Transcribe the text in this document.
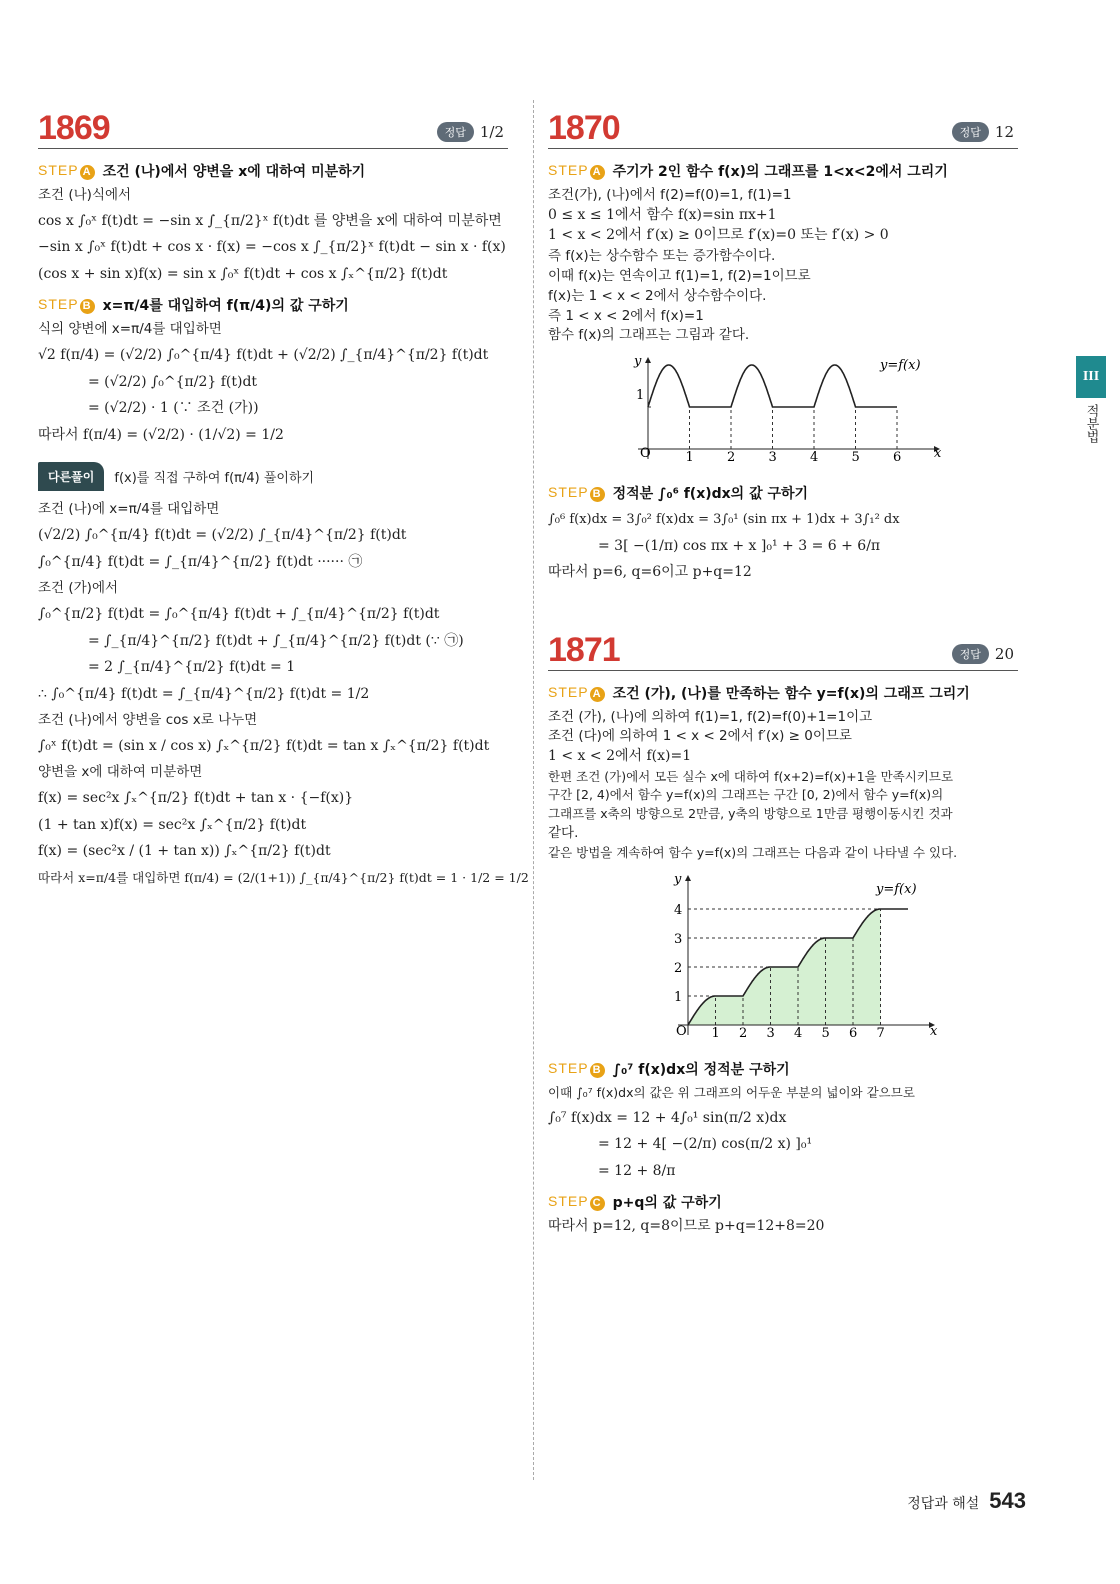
III
적분법
1869	정답 1/2
STEP A 조건 (나)에서 양변을 x에 대하여 미분하기
조건 (나)식에서
cos x ∫₀ˣ f(t)dt = −sin x ∫_{π/2}ˣ f(t)dt 를 양변을 x에 대하여 미분하면
−sin x ∫₀ˣ f(t)dt + cos x · f(x) = −cos x ∫_{π/2}ˣ f(t)dt − sin x · f(x)
(cos x + sin x)f(x) = sin x ∫₀ˣ f(t)dt + cos x ∫ₓ^{π/2} f(t)dt
STEP B x=π/4를 대입하여 f(π/4)의 값 구하기
식의 양변에 x=π/4를 대입하면
√2 f(π/4) = (√2/2) ∫₀^{π/4} f(t)dt + (√2/2) ∫_{π/4}^{π/2} f(t)dt
= (√2/2) ∫₀^{π/2} f(t)dt
= (√2/2) · 1 (∵ 조건 (가))
따라서 f(π/4) = (√2/2) · (1/√2) = 1/2
다른풀이	f(x)를 직접 구하여 f(π/4) 풀이하기
조건 (나)에 x=π/4를 대입하면
(√2/2) ∫₀^{π/4} f(t)dt = (√2/2) ∫_{π/4}^{π/2} f(t)dt
∫₀^{π/4} f(t)dt = ∫_{π/4}^{π/2} f(t)dt ······ ㉠
조건 (가)에서
∫₀^{π/2} f(t)dt = ∫₀^{π/4} f(t)dt + ∫_{π/4}^{π/2} f(t)dt
= ∫_{π/4}^{π/2} f(t)dt + ∫_{π/4}^{π/2} f(t)dt (∵ ㉠)
= 2 ∫_{π/4}^{π/2} f(t)dt = 1
∴ ∫₀^{π/4} f(t)dt = ∫_{π/4}^{π/2} f(t)dt = 1/2
조건 (나)에서 양변을 cos x로 나누면
∫₀ˣ f(t)dt = (sin x / cos x) ∫ₓ^{π/2} f(t)dt = tan x ∫ₓ^{π/2} f(t)dt
양변을 x에 대하여 미분하면
f(x) = sec²x ∫ₓ^{π/2} f(t)dt + tan x · {−f(x)}
(1 + tan x)f(x) = sec²x ∫ₓ^{π/2} f(t)dt
f(x) = (sec²x / (1 + tan x)) ∫ₓ^{π/2} f(t)dt
따라서 x=π/4를 대입하면 f(π/4) = (2/(1+1)) ∫_{π/4}^{π/2} f(t)dt = 1 · 1/2 = 1/2
1870	정답 12
STEP A 주기가 2인 함수 f(x)의 그래프를 1<x<2에서 그리기
조건(가), (나)에서 f(2)=f(0)=1, f(1)=1
0 ≤ x ≤ 1에서 함수 f(x)=sin πx+1
1 < x < 2에서 f′(x) ≥ 0이므로 f′(x)=0 또는 f′(x) > 0
즉 f(x)는 상수함수 또는 증가함수이다.
이때 f(x)는 연속이고 f(1)=1, f(2)=1이므로
f(x)는 1 < x < 2에서 상수함수이다.
즉 1 < x < 2에서 f(x)=1
함수 f(x)의 그래프는 그림과 같다.
O
y
x
1
1	2	3	4	5	6
y=f(x)
STEP B 정적분 ∫₀⁶ f(x)dx의 값 구하기
∫₀⁶ f(x)dx = 3∫₀² f(x)dx = 3∫₀¹ (sin πx + 1)dx + 3∫₁² dx
= 3[ −(1/π) cos πx + x ]₀¹ + 3 = 6 + 6/π
따라서 p=6, q=6이고 p+q=12
1871	정답 20
STEP A 조건 (가), (나)를 만족하는 함수 y=f(x)의 그래프 그리기
조건 (가), (나)에 의하여 f(1)=1, f(2)=f(0)+1=1이고
조건 (다)에 의하여 1 < x < 2에서 f′(x) ≥ 0이므로
1 < x < 2에서 f(x)=1
한편 조건 (가)에서 모든 실수 x에 대하여 f(x+2)=f(x)+1을 만족시키므로
구간 [2, 4)에서 함수 y=f(x)의 그래프는 구간 [0, 2)에서 함수 y=f(x)의
그래프를 x축의 방향으로 2만큼, y축의 방향으로 1만큼 평행이동시킨 것과
같다.
같은 방법을 계속하여 함수 y=f(x)의 그래프는 다음과 같이 나타낼 수 있다.
O
y
x
1
2
3
4
1 2 3 4 5 6 7
y=f(x)
STEP B ∫₀⁷ f(x)dx의 정적분 구하기
이때 ∫₀⁷ f(x)dx의 값은 위 그래프의 어두운 부분의 넓이와 같으므로
∫₀⁷ f(x)dx = 12 + 4∫₀¹ sin(π/2 x)dx
= 12 + 4[ −(2/π) cos(π/2 x) ]₀¹
= 12 + 8/π
STEP C p+q의 값 구하기
따라서 p=12, q=8이므로 p+q=12+8=20
정답과 해설 543
